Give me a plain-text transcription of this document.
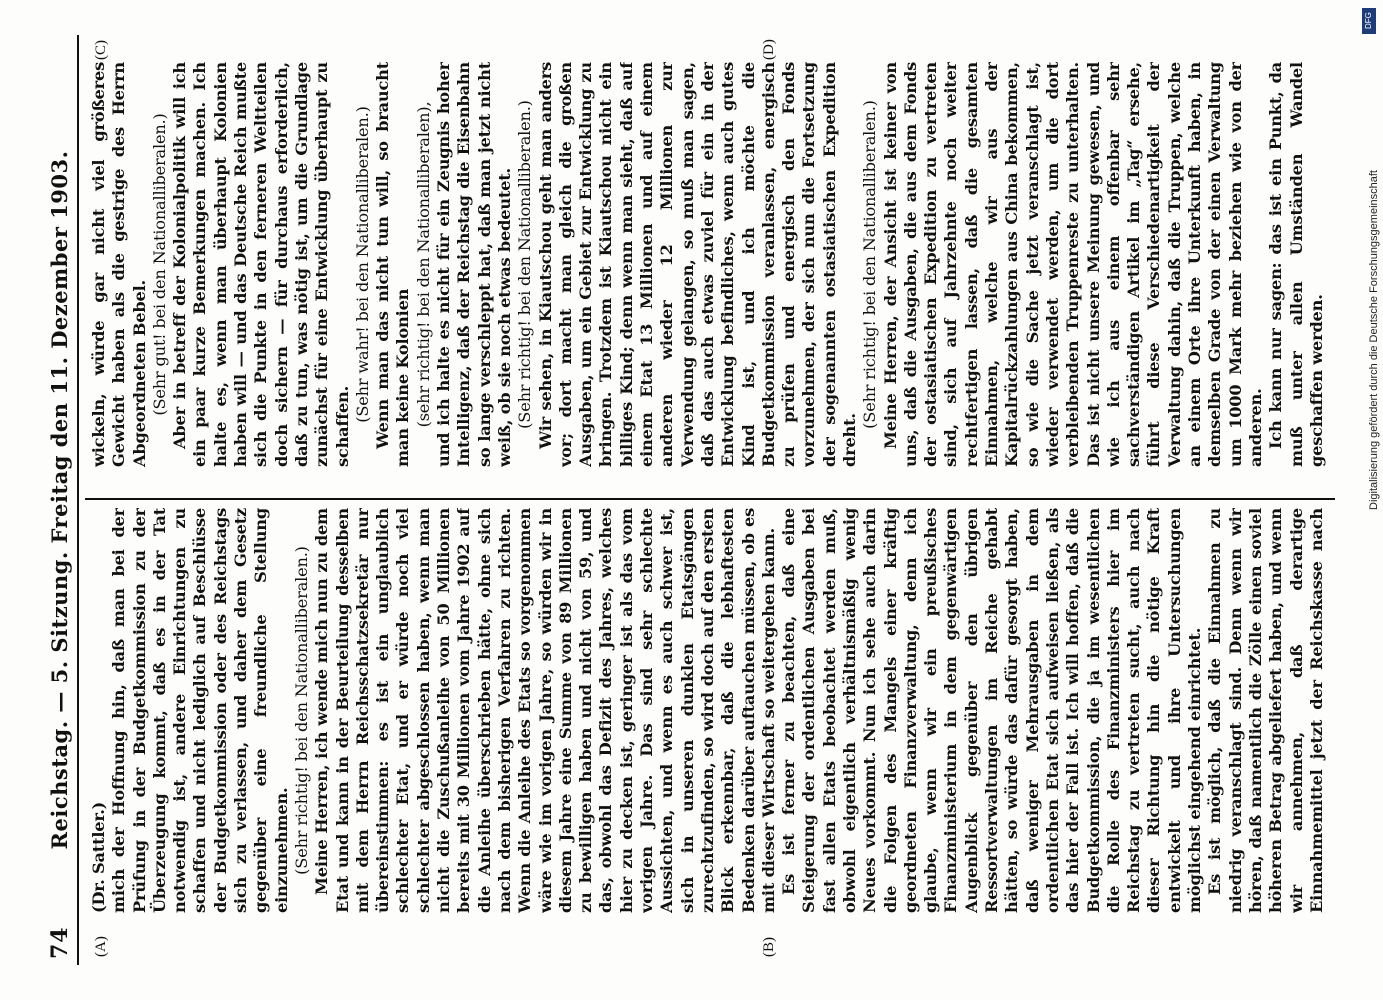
74
Reichstag. — 5. Sitzung. Freitag den 11. Dezember 1903.
(A)	(B)
(C)	(D)

(Dr. Sattler.) mich der Hoffnung hin, daß man bei der Prüfung in der Budgetkommission zu der Überzeugung kommt, daß es in der Tat notwendig ist, andere Einrichtungen zu schaffen und nicht lediglich auf Beschlüsse der Budgetkommission oder des Reichstags sich zu verlassen, und daher dem Gesetz gegenüber eine freundliche Stellung einzunehmen. (Sehr richtig! bei den Nationalliberalen.) Meine Herren, ich wende mich nun zu dem Etat und kann in der Beurteilung desselben mit dem Herrn Reichsschatzsekretär nur übereinstimmen: es ist ein unglaublich schlechter Etat, und er würde noch viel schlechter abgeschlossen haben, wenn man nicht die Zuschußanleihe von 50 Millionen bereits mit 30 Millionen vom Jahre 1902 auf die Anleihe überschrieben hätte, ohne sich nach dem bisherigen Verfahren zu richten. Wenn die Anleihe des Etats so vorgenommen wäre wie im vorigen Jahre, so würden wir in diesem Jahre eine Summe von 89 Millionen zu bewilligen haben und nicht von 59, und das, obwohl das Defizit des Jahres, welches hier zu decken ist, geringer ist als das vom vorigen Jahre. Das sind sehr schlechte Aussichten, und wenn es auch schwer ist, sich in unseren dunklen Etatsgängen zurechtzufinden, so wird doch auf den ersten Blick erkennbar, daß die lebhaftesten Bedenken darüber auftauchen müssen, ob es mit dieser Wirtschaft so weitergehen kann. Es ist ferner zu beachten, daß eine Steigerung der ordentlichen Ausgaben bei fast allen Etats beobachtet werden muß, obwohl eigentlich verhältnismäßig wenig Neues vorkommt. Nun ich sehe auch darin die Folgen des Mangels einer kräftig geordneten Finanzverwaltung, denn ich glaube, wenn wir ein preußisches Finanzministerium in dem gegenwärtigen Augenblick gegenüber den übrigen Ressortverwaltungen im Reiche gehabt hätten, so würde das dafür gesorgt haben, daß weniger Mehrausgaben in dem ordentlichen Etat sich aufweisen ließen, als das hier der Fall ist. Ich will hoffen, daß die Budgetkommission, die ja im wesentlichen die Rolle des Finanzministers hier im Reichstag zu vertreten sucht, auch nach dieser Richtung hin die nötige Kraft entwickelt und ihre Untersuchungen möglichst eingehend einrichtet. Es ist möglich, daß die Einnahmen zu niedrig veranschlagt sind. Denn wenn wir hören, daß namentlich die Zölle einen soviel höheren Betrag abgeliefert haben, und wenn wir annehmen, daß derartige Einnahmemittel jetzt der Reichskasse nach

wickeln, würde gar nicht viel größeres Gewicht haben als die gestrige des Herrn Abgeordneten Bebel. (Sehr gut! bei den Nationalliberalen.) Aber in betreff der Kolonialpolitik will ich ein paar kurze Bemerkungen machen. Ich halte es, wenn man überhaupt Kolonien haben will — und das Deutsche Reich mußte sich die Punkte in den ferneren Weltteilen doch sichern — für durchaus erforderlich, daß zu tun, was nötig ist, um die Grundlage zunächst für eine Entwicklung überhaupt zu schaffen.

(Sehr wahr! bei den Nationalliberalen.) Wenn man das nicht tun will, so braucht man keine Kolonien (sehr richtig! bei den Nationalliberalen), und ich halte es nicht für ein Zeugnis hoher Intelligenz, daß der Reichstag die Eisenbahn so lange verschleppt hat, daß man jetzt nicht weiß, ob sie noch etwas bedeutet. (Sehr richtig! bei den Nationalliberalen.) Wir sehen, in Kiautschou geht man anders vor; dort macht man gleich die großen Ausgaben, um ein Gebiet zur Entwicklung zu bringen. Trotzdem ist Kiautschou nicht ein billiges Kind; denn wenn man sieht, daß auf einem Etat 13 Millionen und auf einem anderen wieder 12 Millionen zur Verwendung gelangen, so muß man sagen, daß das auch etwas zuviel für ein in der Entwicklung befindliches, wenn auch gutes Kind ist, und ich möchte die Budgetkommission veranlassen, energisch zu prüfen und energisch den Fonds vorzunehmen, der sich nun die Fortsetzung der sogenannten ostasiatischen Expedition dreht.

(Sehr richtig! bei den Nationalliberalen.) Meine Herren, der Ansicht ist keiner von uns, daß die Ausgaben, die aus dem Fonds der ostasiatischen Expedition zu vertreten sind, sich auf Jahrzehnte noch weiter rechtfertigen lassen, daß die gesamten Einnahmen, welche wir aus der Kapitalrückzahlungen aus China bekommen, so wie die Sache jetzt veranschlagt ist, wieder verwendet werden, um die dort verbleibenden Truppenreste zu unterhalten. Das ist nicht unsere Meinung gewesen, und wie ich aus einem offenbar sehr sachverständigen Artikel im „Tag“ ersehe, führt diese Verschiedenartigkeit der Verwaltung dahin, daß die Truppen, welche an einem Orte ihre Unterkunft haben, in demselben Grade von der einen Verwaltung um 1000 Mark mehr beziehen wie von der anderen. Ich kann nur sagen: das ist ein Punkt, da muß unter allen Umständen Wandel geschaffen werden.

DFG
Digitalisierung gefördert durch die Deutsche Forschungsgemeinschaft
